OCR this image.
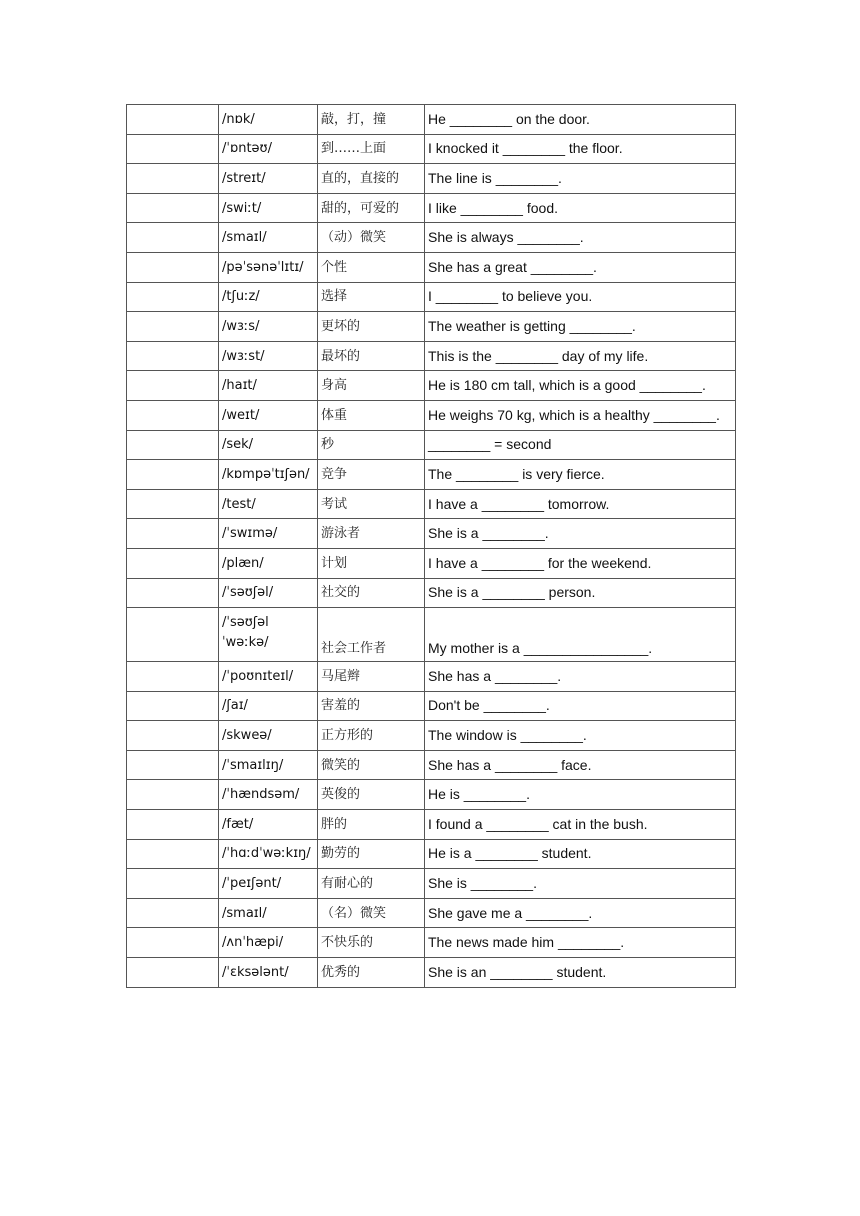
	/nɒk/	敲，打，撞	He ________ on the door.
	/ˈɒntəʊ/	到……上面	I knocked it ________ the floor.
	/streɪt/	直的，直接的	The line is ________.
	/swiːt/	甜的，可爱的	I like ________ food.
	/smaɪl/	（动）微笑	She is always ________.
	/pəˈsənəˈlɪtɪ/	个性	She has a great ________.
	/tʃuːz/	选择	I ________ to believe you.
	/wɜːs/	更坏的	The weather is getting ________.
	/wɜːst/	最坏的	This is the ________ day of my life.
	/haɪt/	身高	He is 180 cm tall, which is a good ________.
	/weɪt/	体重	He weighs 70 kg, which is a healthy ________.
	/sek/	秒	________ = second
	/kɒmpəˈtɪʃən/	竞争	The ________ is very fierce.
	/test/	考试	I have a ________ tomorrow.
	/ˈswɪmə/	游泳者	She is a ________.
	/plæn/	计划	I have a ________ for the weekend.
	/ˈsəʊʃəl/	社交的	She is a ________ person.
	/ˈsəʊʃəl ˈwəːkə/	社会工作者	My mother is a ________________.
	/ˈpoʊnɪteɪl/	马尾辫	She has a ________.
	/ʃaɪ/	害羞的	Don't be ________.
	/skweə/	正方形的	The window is ________.
	/ˈsmaɪlɪŋ/	微笑的	She has a ________ face.
	/ˈhændsəm/	英俊的	He is ________.
	/fæt/	胖的	I found a ________ cat in the bush.
	/ˈhɑːdˈwəːkɪŋ/	勤劳的	He is a ________ student.
	/ˈpeɪʃənt/	有耐心的	She is ________.
	/smaɪl/	（名）微笑	She gave me a ________.
	/ʌnˈhæpi/	不快乐的	The news made him ________.
	/ˈɛksələnt/	优秀的	She is an ________ student.
